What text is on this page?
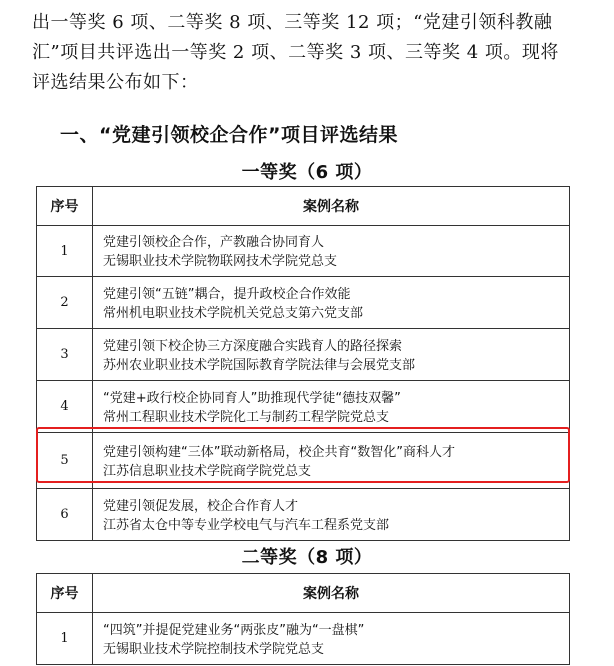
出一等奖 6 项、二等奖 8 项、三等奖 12 项；“党建引领科教融

汇”项目共评选出一等奖 2 项、二等奖 3 项、三等奖 4 项。现将

评选结果公布如下：

一、“党建引领校企合作”项目评选结果
一等奖（6 项）
序号	案例名称
1	党建引领校企合作，产教融合协同育人
无锡职业技术学院物联网技术学院党总支

2	党建引领“五链”耦合，提升政校企合作效能
常州机电职业技术学院机关党总支第六党支部

3	党建引领下校企协三方深度融合实践育人的路径探索
苏州农业职业技术学院国际教育学院法律与会展党支部

4	“党建+政行校企协同育人”助推现代学徒“德技双馨”
常州工程职业技术学院化工与制药工程学院党总支

5	党建引领构建“三体”联动新格局，校企共育“数智化”商科人才
江苏信息职业技术学院商学院党总支

6	党建引领促发展，校企合作育人才
江苏省太仓中等专业学校电气与汽车工程系党支部
二等奖（8 项）
序号	案例名称
1	“四筑”并提促党建业务“两张皮”融为“一盘棋”
无锡职业技术学院控制技术学院党总支
